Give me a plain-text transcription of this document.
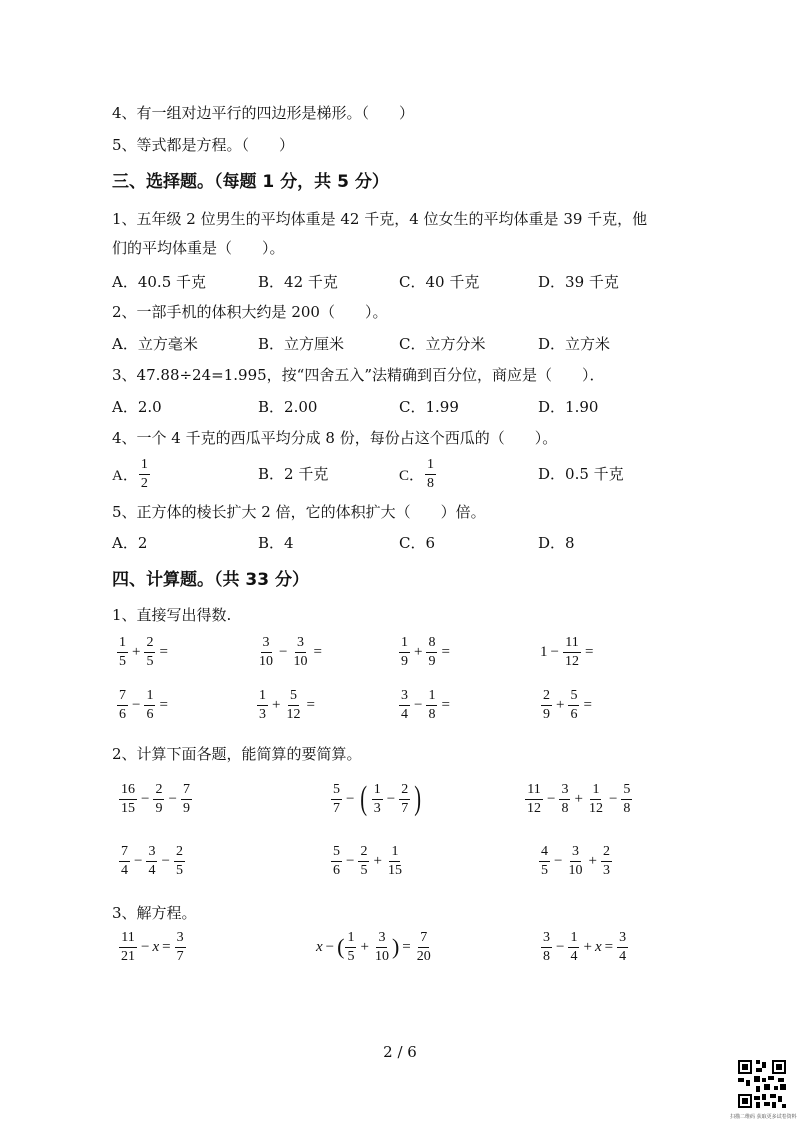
4、有一组对边平行的四边形是梯形。（　　）
5、等式都是方程。（　　）
三、选择题。（每题 1 分，共 5 分）
1、五年级 2 位男生的平均体重是 42 千克，4 位女生的平均体重是 39 千克，他
们的平均体重是（　　）。
A．40.5 千克	B．42 千克	C．40 千克	D．39 千克
2、一部手机的体积大约是 200（　　）。
A．立方毫米	B．立方厘米	C．立方分米	D．立方米
3、47.88÷24=1.995，按“四舍五入”法精确到百分位，商应是（　　）．
A．2.0	B．2.00	C．1.99	D．1.90
4、一个 4 千克的西瓜平均分成 8 份，每份占这个西瓜的（　　）。
A． $\frac{1}{2}$	B．2 千克	C． $\frac{1}{8}$	D．0.5 千克
5、正方体的棱长扩大 2 倍，它的体积扩大（　　）倍。
A．2	B．4	C．6	D．8
四、计算题。（共 33 分）
1、直接写出得数.
$\frac{1}{5} + \frac{2}{5}$ =	$\frac{3}{10} - \frac{3}{10}$ =	$\frac{1}{9} + \frac{8}{9}$ =	$1 - \frac{11}{12}$ =
$\frac{7}{6} - \frac{1}{6}$ =	$\frac{1}{3} + \frac{5}{12}$ =	$\frac{3}{4} - \frac{1}{8}$ =	$\frac{2}{9} + \frac{5}{6}$ =
2、计算下面各题，能简算的要简算。
$\frac{16}{15} - \frac{2}{9} - \frac{7}{9}$	$\frac{5}{7}$ − ( $\frac{1}{3} - \frac{2}{7}$ )	$\frac{11}{12} - \frac{3}{8} + \frac{1}{12} - \frac{5}{8}$
$\frac{7}{4} - \frac{3}{4} - \frac{2}{5}$	$\frac{5}{6} - \frac{2}{5} + \frac{1}{15}$	$\frac{4}{5} - \frac{3}{10} + \frac{2}{3}$
3、解方程。
$\frac{11}{21} - x = \frac{3}{7}$	x − ( $\frac{1}{5} + \frac{3}{10}$ ) = $\frac{7}{20}$	$\frac{3}{8} - \frac{1}{4} + x = \frac{3}{4}$
2 / 6
扫描二维码 获取更多试卷资料
